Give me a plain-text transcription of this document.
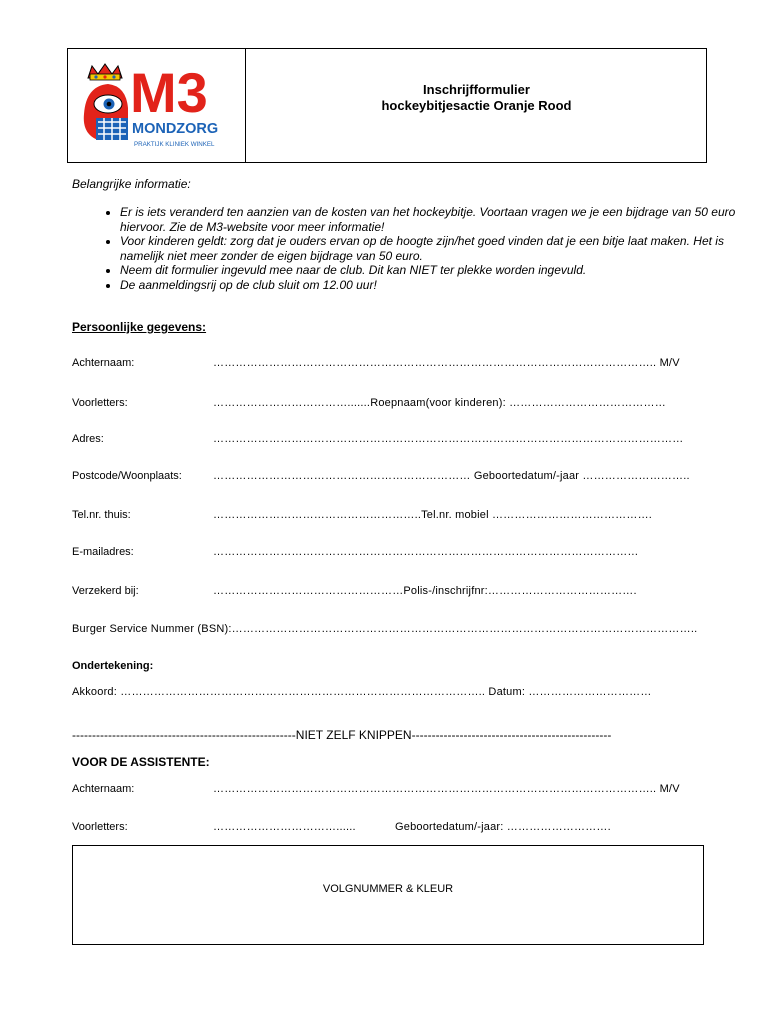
M3
MONDZORG
PRAKTIJK KLINIEK WINKEL
Inschrijfformulier
hockeybitjesactie Oranje Rood
Belangrijke informatie:
• Er is iets veranderd ten aanzien van de kosten van het hockeybitje. Voortaan vragen we je een bijdrage van 50 euro hiervoor. Zie de M3-website voor meer informatie!
• Voor kinderen geldt: zorg dat je ouders ervan op de hoogte zijn/het goed vinden dat je een bitje laat maken. Het is namelijk niet meer zonder de eigen bijdrage van 50 euro.
• Neem dit formulier ingevuld mee naar de club. Dit kan NIET ter plekke worden ingevuld.
• De aanmeldingsrij op de club sluit om 12.00 uur!
Persoonlijke gegevens:
Achternaam:	……………………………………………………………………………………………………….. M/V
Voorletters:	……………………………….......Roepnaam(voor kinderen): ……………………………………
Adres:	………………………………………………………………………………………………………………
Postcode/Woonplaats:	…………………………………………………………… Geboortedatum/-jaar ………………………..
Tel.nr. thuis:	………………………………………………..Tel.nr. mobiel …………………………………….
E-mailadres:	……………………………………………………………………………………………………
Verzekerd bij:	……………………………………………Polis-/inschrijfnr:………………………………….
Burger Service Nummer (BSN):……………………………………………………………………………………………………………..
Ondertekening:
Akkoord: …………………………………………………………………………………….. Datum: ……………………………
--------------------------------------------------------NIET ZELF KNIPPEN--------------------------------------------------
VOOR DE ASSISTENTE:
Achternaam:	……………………………………………………………………………………………………….. M/V
Voorletters:	……………………………......	Geboortedatum/-jaar: ……………………….
VOLGNUMMER & KLEUR
